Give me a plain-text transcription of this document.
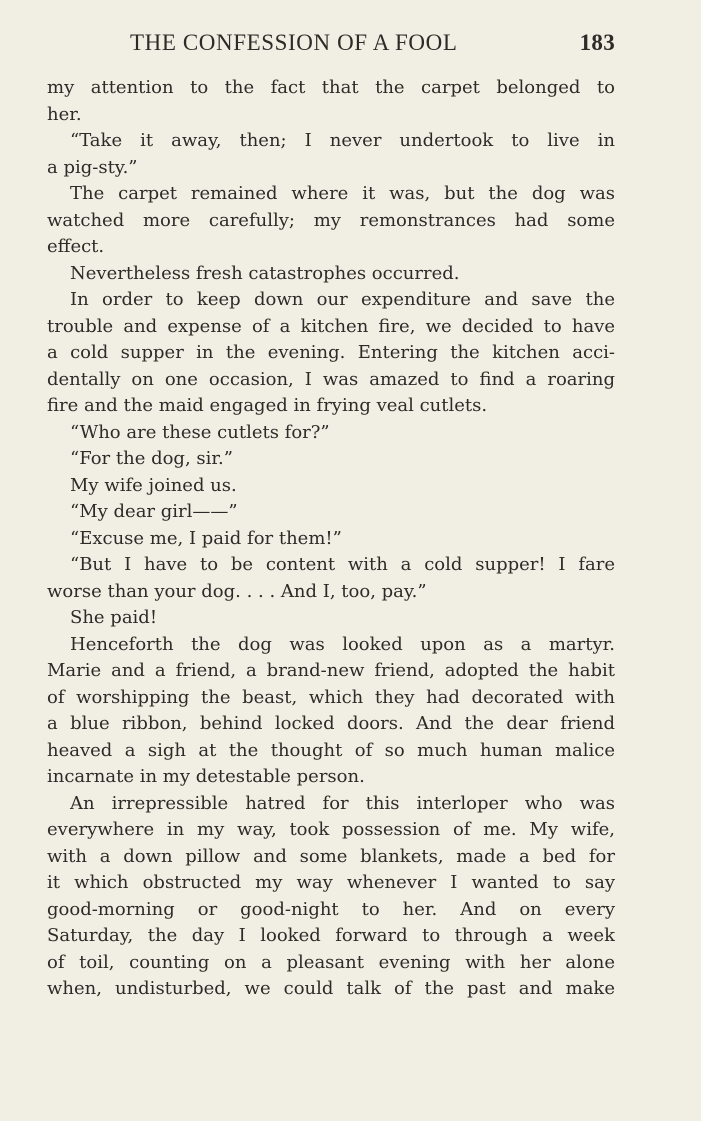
THE CONFESSION OF A FOOL	183
my attention to the fact that the carpet belonged to
her.
“Take it away, then; I never undertook to live in
a pig-sty.”
The carpet remained where it was, but the dog was
watched more carefully; my remonstrances had some
effect.
Nevertheless fresh catastrophes occurred.
In order to keep down our expenditure and save the
trouble and expense of a kitchen fire, we decided to have
a cold supper in the evening. Entering the kitchen acci-
dentally on one occasion, I was amazed to find a roaring
fire and the maid engaged in frying veal cutlets.
“Who are these cutlets for?”
“For the dog, sir.”
My wife joined us.
“My dear girl——”
“Excuse me, I paid for them!”
“But I have to be content with a cold supper! I fare
worse than your dog. . . . And I, too, pay.”
She paid!
Henceforth the dog was looked upon as a martyr.
Marie and a friend, a brand-new friend, adopted the habit
of worshipping the beast, which they had decorated with
a blue ribbon, behind locked doors. And the dear friend
heaved a sigh at the thought of so much human malice
incarnate in my detestable person.
An irrepressible hatred for this interloper who was
everywhere in my way, took possession of me. My wife,
with a down pillow and some blankets, made a bed for
it which obstructed my way whenever I wanted to say
good-morning or good-night to her. And on every
Saturday, the day I looked forward to through a week
of toil, counting on a pleasant evening with her alone
when, undisturbed, we could talk of the past and make
